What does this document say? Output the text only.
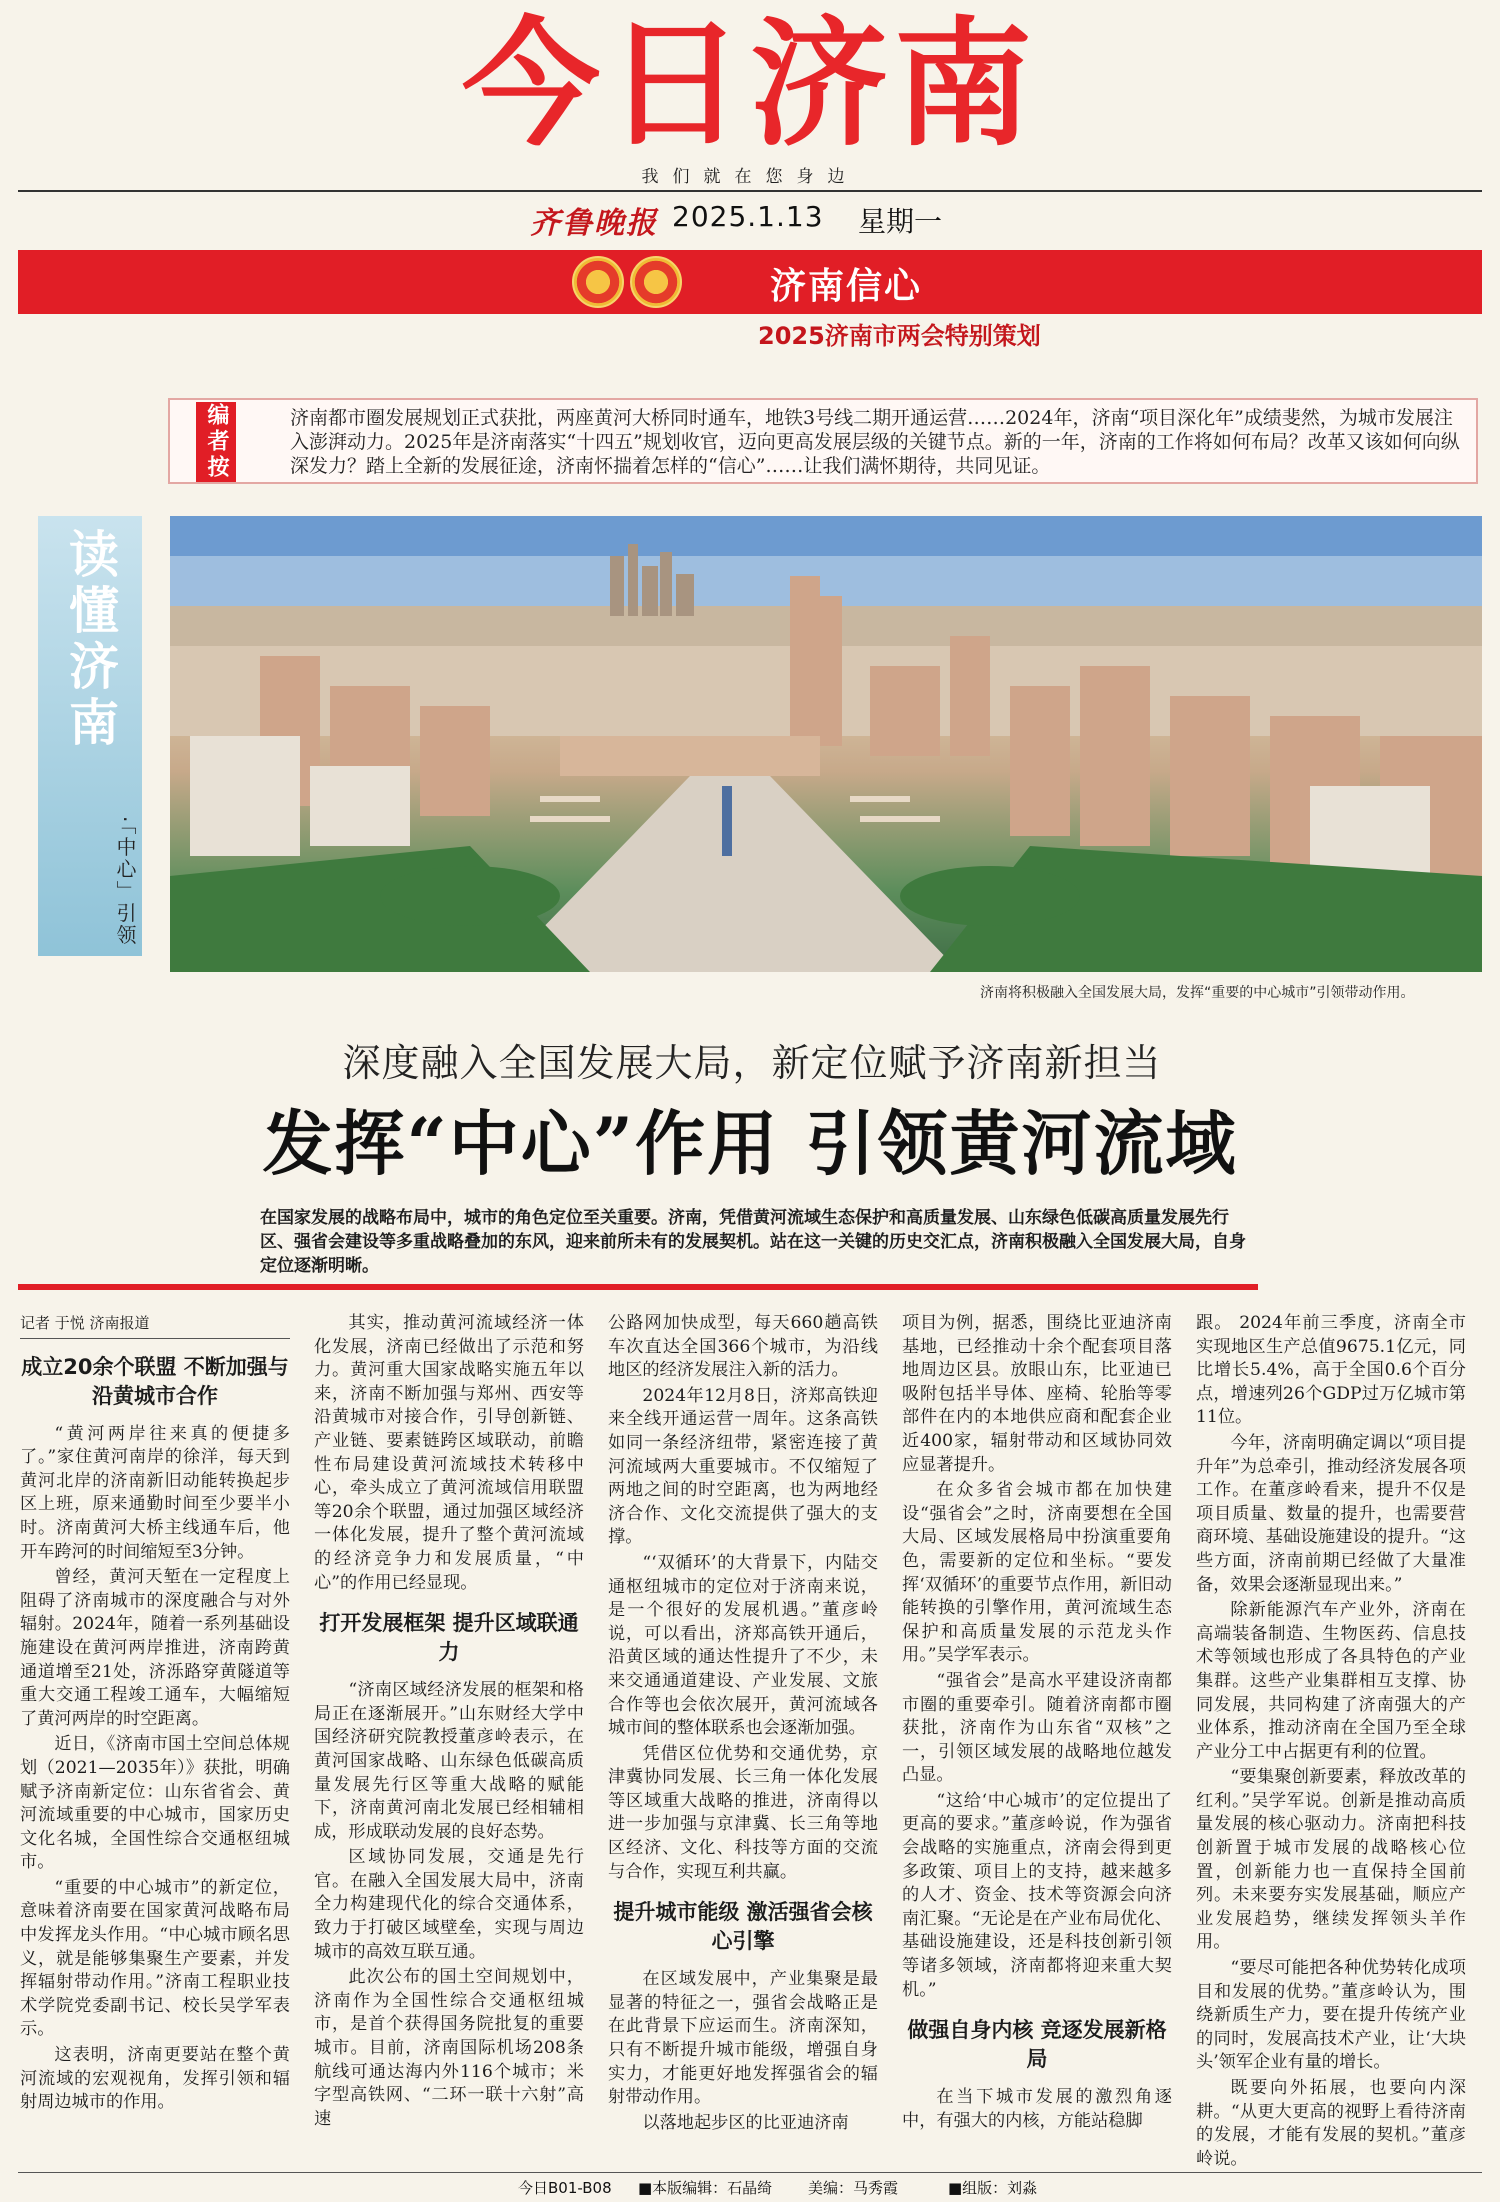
今日济南
我们就在您身边
齐鲁晚报 2025.1.13 星期一
济南信心
2025济南市两会特别策划
编者按	济南都市圈发展规划正式获批，两座黄河大桥同时通车，地铁3号线二期开通运营……2024年，济南“项目深化年”成绩斐然，为城市发展注入澎湃动力。2025年是济南落实“十四五”规划收官，迈向更高发展层级的关键节点。新的一年，济南的工作将如何布局？改革又该如何向纵深发力？踏上全新的发展征途，济南怀揣着怎样的“信心”……让我们满怀期待，共同见证。
读懂济南
·「中心」引领
济南将积极融入全国发展大局，发挥“重要的中心城市”引领带动作用。
深度融入全国发展大局，新定位赋予济南新担当
发挥“中心”作用 引领黄河流域
在国家发展的战略布局中，城市的角色定位至关重要。济南，凭借黄河流域生态保护和高质量发展、山东绿色低碳高质量发展先行区、强省会建设等多重战略叠加的东风，迎来前所未有的发展契机。站在这一关键的历史交汇点，济南积极融入全国发展大局，自身定位逐渐明晰。

记者 于悦 济南报道

成立20余个联盟 不断加强与沿黄城市合作

“黄河两岸往来真的便捷多了。”家住黄河南岸的徐洋，每天到黄河北岸的济南新旧动能转换起步区上班，原来通勤时间至少要半小时。济南黄河大桥主线通车后，他开车跨河的时间缩短至3分钟。

曾经，黄河天堑在一定程度上阻碍了济南城市的深度融合与对外辐射。2024年，随着一系列基础设施建设在黄河两岸推进，济南跨黄通道增至21处，济泺路穿黄隧道等重大交通工程竣工通车，大幅缩短了黄河两岸的时空距离。

近日，《济南市国土空间总体规划（2021—2035年）》获批，明确赋予济南新定位：山东省省会、黄河流域重要的中心城市，国家历史文化名城，全国性综合交通枢纽城市。

“重要的中心城市”的新定位，意味着济南要在国家黄河战略布局中发挥龙头作用。“中心城市顾名思义，就是能够集聚生产要素，并发挥辐射带动作用。”济南工程职业技术学院党委副书记、校长吴学军表示。

这表明，济南更要站在整个黄河流域的宏观视角，发挥引领和辐射周边城市的作用。

其实，推动黄河流域经济一体化发展，济南已经做出了示范和努力。黄河重大国家战略实施五年以来，济南不断加强与郑州、西安等沿黄城市对接合作，引导创新链、产业链、要素链跨区域联动，前瞻性布局建设黄河流域技术转移中心，牵头成立了黄河流域信用联盟等20余个联盟，通过加强区域经济一体化发展，提升了整个黄河流域的经济竞争力和发展质量，“中心”的作用已经显现。

打开发展框架 提升区域联通力

“济南区域经济发展的框架和格局正在逐渐展开。”山东财经大学中国经济研究院教授董彦岭表示，在黄河国家战略、山东绿色低碳高质量发展先行区等重大战略的赋能下，济南黄河南北发展已经相辅相成，形成联动发展的良好态势。

区域协同发展，交通是先行官。在融入全国发展大局中，济南全力构建现代化的综合交通体系，致力于打破区域壁垒，实现与周边城市的高效互联互通。

此次公布的国土空间规划中，济南作为全国性综合交通枢纽城市，是首个获得国务院批复的重要城市。目前，济南国际机场208条航线可通达海内外116个城市；米字型高铁网、“二环一联十六射”高速

公路网加快成型，每天660趟高铁车次直达全国366个城市，为沿线地区的经济发展注入新的活力。

2024年12月8日，济郑高铁迎来全线开通运营一周年。这条高铁如同一条经济纽带，紧密连接了黄河流域两大重要城市。不仅缩短了两地之间的时空距离，也为两地经济合作、文化交流提供了强大的支撑。

“‘双循环’的大背景下，内陆交通枢纽城市的定位对于济南来说，是一个很好的发展机遇。”董彦岭说，可以看出，济郑高铁开通后，沿黄区域的通达性提升了不少，未来交通通道建设、产业发展、文旅合作等也会依次展开，黄河流域各城市间的整体联系也会逐渐加强。

凭借区位优势和交通优势，京津冀协同发展、长三角一体化发展等区域重大战略的推进，济南得以进一步加强与京津冀、长三角等地区经济、文化、科技等方面的交流与合作，实现互利共赢。

提升城市能级 激活强省会核心引擎

在区域发展中，产业集聚是最显著的特征之一，强省会战略正是在此背景下应运而生。济南深知，只有不断提升城市能级，增强自身实力，才能更好地发挥强省会的辐射带动作用。

以落地起步区的比亚迪济南

项目为例，据悉，围绕比亚迪济南基地，已经推动十余个配套项目落地周边区县。放眼山东，比亚迪已吸附包括半导体、座椅、轮胎等零部件在内的本地供应商和配套企业近400家，辐射带动和区域协同效应显著提升。

在众多省会城市都在加快建设“强省会”之时，济南要想在全国大局、区域发展格局中扮演重要角色，需要新的定位和坐标。“要发挥‘双循环’的重要节点作用，新旧动能转换的引擎作用，黄河流域生态保护和高质量发展的示范龙头作用。”吴学军表示。

“强省会”是高水平建设济南都市圈的重要牵引。随着济南都市圈获批，济南作为山东省“双核”之一，引领区域发展的战略地位越发凸显。

“这给‘中心城市’的定位提出了更高的要求。”董彦岭说，作为强省会战略的实施重点，济南会得到更多政策、项目上的支持，越来越多的人才、资金、技术等资源会向济南汇聚。“无论是在产业布局优化、基础设施建设，还是科技创新引领等诸多领域，济南都将迎来重大契机。”

做强自身内核 竞逐发展新格局

在当下城市发展的激烈角逐中，有强大的内核，方能站稳脚

跟。 2024年前三季度，济南全市实现地区生产总值9675.1亿元，同比增长5.4%，高于全国0.6个百分点，增速列26个GDP过万亿城市第11位。

今年，济南明确定调以“项目提升年”为总牵引，推动经济发展各项工作。在董彦岭看来，提升不仅是项目质量、数量的提升，也需要营商环境、基础设施建设的提升。“这些方面，济南前期已经做了大量准备，效果会逐渐显现出来。”

除新能源汽车产业外，济南在高端装备制造、生物医药、信息技术等领域也形成了各具特色的产业集群。这些产业集群相互支撑、协同发展，共同构建了济南强大的产业体系，推动济南在全国乃至全球产业分工中占据更有利的位置。

“要集聚创新要素，释放改革的红利。”吴学军说。创新是推动高质量发展的核心驱动力。济南把科技创新置于城市发展的战略核心位置，创新能力也一直保持全国前列。未来要夯实发展基础，顺应产业发展趋势，继续发挥领头羊作用。

“要尽可能把各种优势转化成项目和发展的优势。”董彦岭认为，围绕新质生产力，要在提升传统产业的同时，发展高技术产业，让‘大块头’领军企业有量的增长。

既要向外拓展，也要向内深耕。“从更大更高的视野上看待济南的发展，才能有发展的契机。”董彦岭说。

今日B01-B08 ■本版编辑：石晶绮 美编：马秀霞	■组版：刘淼
